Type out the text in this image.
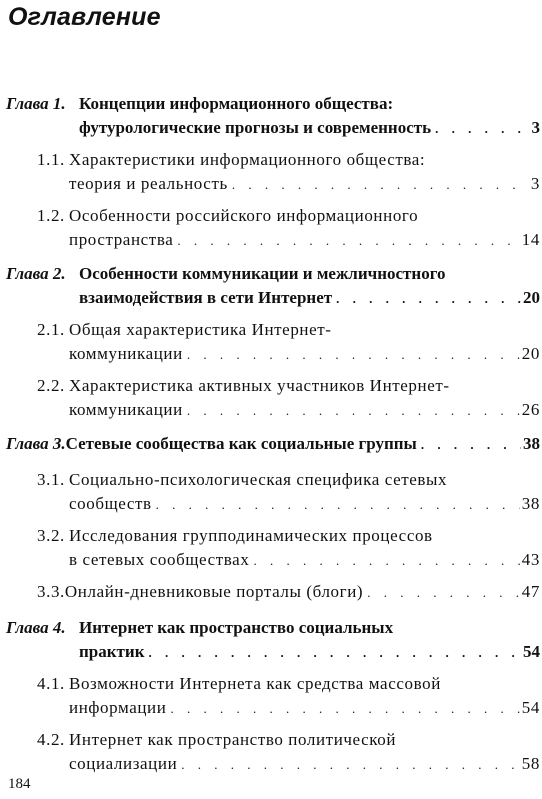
Оглавление
Глава 1. Концепции информационного общества:
футурологические прогнозы и современность . . .	3
1.1. Характеристики информационного общества:
теория и реальность . . .	3
1.2. Особенности российского информационного
пространства . . .	14
Глава 2. Особенности коммуникации и межличностного
взаимодействия в сети Интернет . . .	20
2.1. Общая характеристика Интернет-
коммуникации . . .	20
2.2. Характеристика активных участников Интернет-
коммуникации . . .	26
Глава 3. Сетевые сообщества как социальные группы . . .	38
3.1. Социально-психологическая специфика сетевых
сообществ . . .	38
3.2. Исследования групподинамических процессов
в сетевых сообществах . . .	43
3.3. Онлайн-дневниковые порталы (блоги) . . .	47
Глава 4. Интернет как пространство социальных
практик . . .	54
4.1. Возможности Интернета как средства массовой
информации . . .	54
4.2. Интернет как пространство политической
социализации . . .	58
184
